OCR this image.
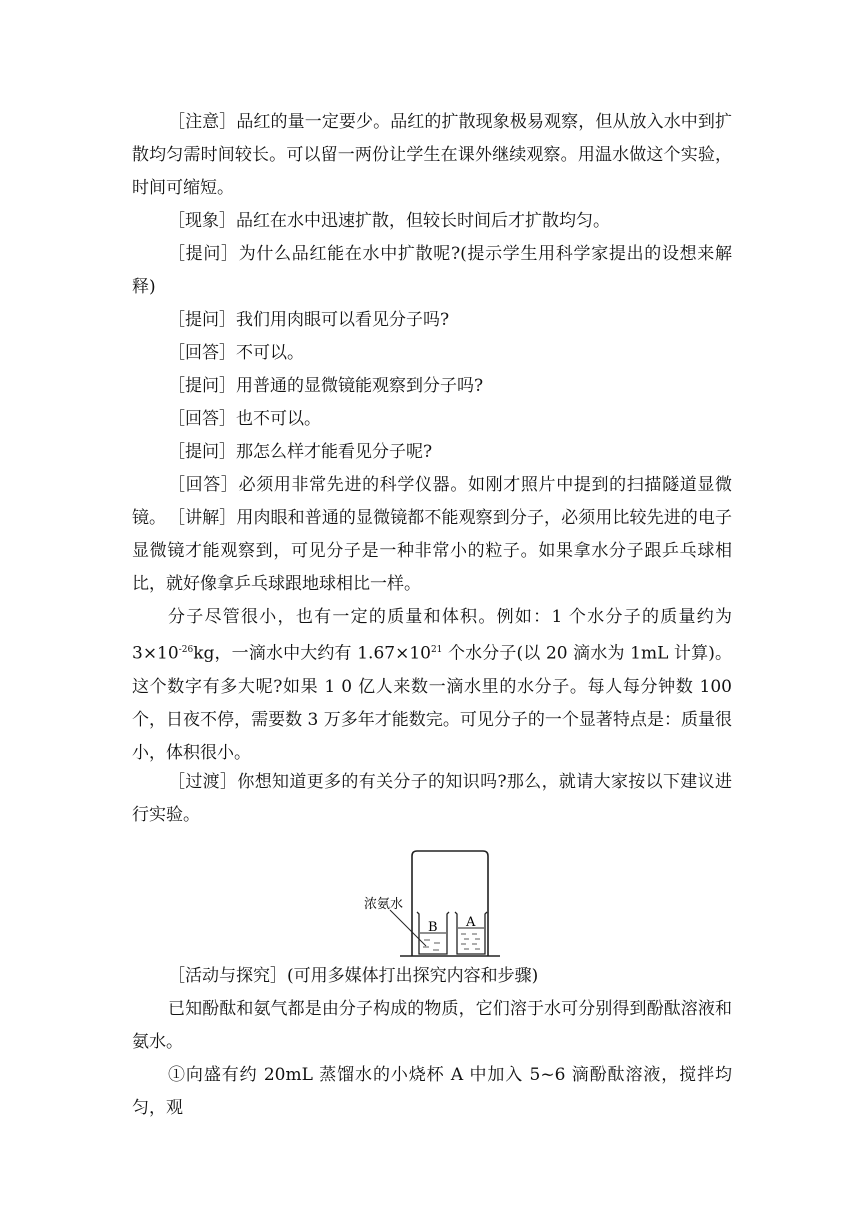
［注意］品红的量一定要少。品红的扩散现象极易观察，但从放入水中到扩散均匀需时间较长。可以留一两份让学生在课外继续观察。用温水做这个实验，时间可缩短。

［现象］品红在水中迅速扩散，但较长时间后才扩散均匀。

［提问］为什么品红能在水中扩散呢?(提示学生用科学家提出的设想来解释)

［提问］我们用肉眼可以看见分子吗?

［回答］不可以。

［提问］用普通的显微镜能观察到分子吗?

［回答］也不可以。

［提问］那怎么样才能看见分子呢?

［回答］必须用非常先进的科学仪器。如刚才照片中提到的扫描隧道显微镜。 ［讲解］用肉眼和普通的显微镜都不能观察到分子，必须用比较先进的电子显微镜才能观察到，可见分子是一种非常小的粒子。如果拿水分子跟乒乓球相比，就好像拿乒乓球跟地球相比一样。

分子尽管很小，也有一定的质量和体积。例如：1 个水分子的质量约为 $3\times 10^{-26}kg$，一滴水中大约有 $1.67\times 10^{21}$ 个水分子(以 20 滴水为 1mL 计算)。这个数字有多大呢?如果 1 0 亿人来数一滴水里的水分子。每人每分钟数 100 个，日夜不停，需要数 3 万多年才能数完。可见分子的一个显著特点是：质量很小，体积很小。

［过渡］你想知道更多的有关分子的知识吗?那么，就请大家按以下建议进行实验。

浓氨水
B A

［活动与探究］(可用多媒体打出探究内容和步骤)

已知酚酞和氨气都是由分子构成的物质，它们溶于水可分别得到酚酞溶液和氨水。

①向盛有约 20mL 蒸馏水的小烧杯 A 中加入 5~6 滴酚酞溶液，搅拌均匀，观
